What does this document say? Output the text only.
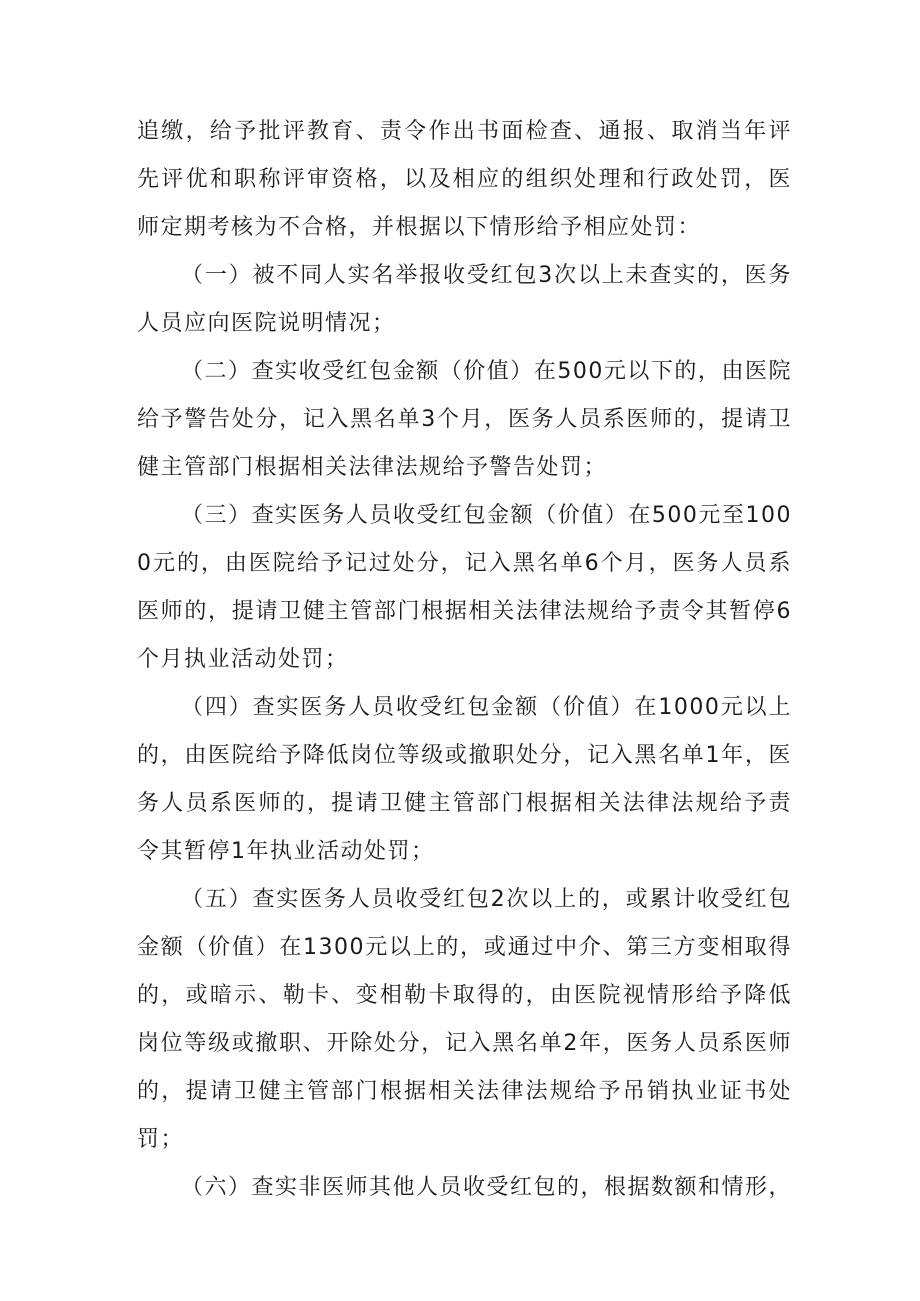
追缴，给予批评教育、责令作出书面检查、通报、取消当年评先评优和职称评审资格，以及相应的组织处理和行政处罚，医师定期考核为不合格，并根据以下情形给予相应处罚：

（一）被不同人实名举报收受红包3次以上未查实的，医务人员应向医院说明情况；

（二）查实收受红包金额（价值）在500元以下的，由医院给予警告处分，记入黑名单3个月，医务人员系医师的，提请卫健主管部门根据相关法律法规给予警告处罚；

（三）查实医务人员收受红包金额（价值）在500元至1000元的，由医院给予记过处分，记入黑名单6个月，医务人员系医师的，提请卫健主管部门根据相关法律法规给予责令其暂停6个月执业活动处罚；

（四）查实医务人员收受红包金额（价值）在1000元以上的，由医院给予降低岗位等级或撤职处分，记入黑名单1年，医务人员系医师的，提请卫健主管部门根据相关法律法规给予责令其暂停1年执业活动处罚；

（五）查实医务人员收受红包2次以上的，或累计收受红包金额（价值）在1300元以上的，或通过中介、第三方变相取得的，或暗示、勒卡、变相勒卡取得的，由医院视情形给予降低岗位等级或撤职、开除处分，记入黑名单2年，医务人员系医师的，提请卫健主管部门根据相关法律法规给予吊销执业证书处罚；

（六）查实非医师其他人员收受红包的，根据数额和情形，
